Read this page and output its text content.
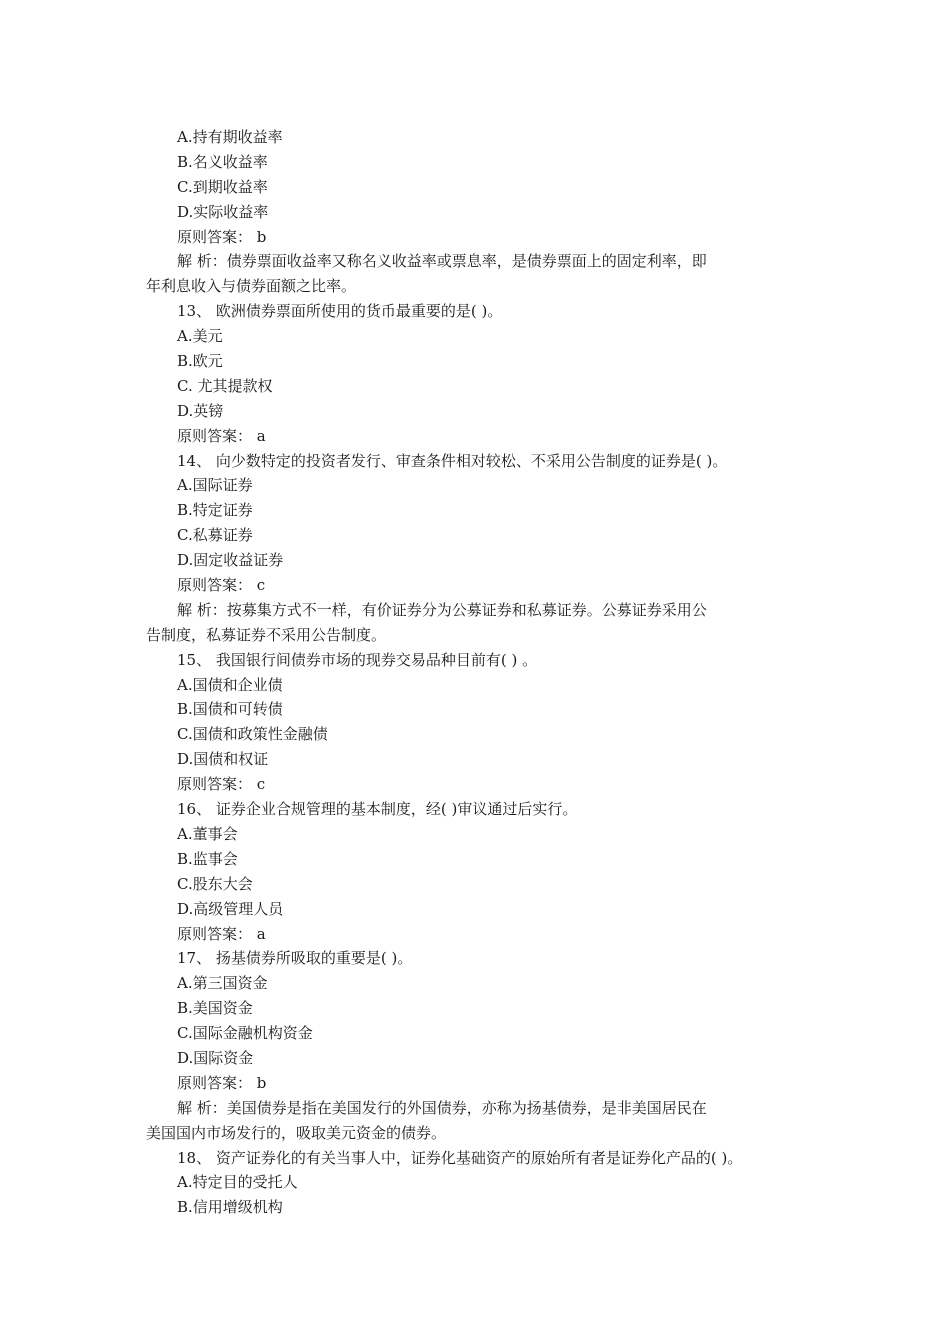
A.持有期收益率
B.名义收益率
C.到期收益率
D.实际收益率
原则答案： b
解 析：债券票面收益率又称名义收益率或票息率，是债券票面上的固定利率，即
年利息收入与债券面额之比率。
13、 欧洲债券票面所使用的货币最重要的是( )。
A.美元
B.欧元
C. 尤其提款权
D.英镑
原则答案： a
14、 向少数特定的投资者发行、审查条件相对较松、不采用公告制度的证券是( )。
A.国际证券
B.特定证券
C.私募证券
D.固定收益证券
原则答案： c
解 析：按募集方式不一样，有价证券分为公募证券和私募证券。公募证券采用公
告制度，私募证券不采用公告制度。
15、 我国银行间债券市场的现券交易品种目前有( ) 。
A.国债和企业债
B.国债和可转债
C.国债和政策性金融债
D.国债和权证
原则答案： c
16、 证券企业合规管理的基本制度，经( )审议通过后实行。
A.董事会
B.监事会
C.股东大会
D.高级管理人员
原则答案： a
17、 扬基债券所吸取的重要是( )。
A.第三国资金
B.美国资金
C.国际金融机构资金
D.国际资金
原则答案： b
解 析：美国债券是指在美国发行的外国债券，亦称为扬基债券，是非美国居民在
美国国内市场发行的，吸取美元资金的债券。
18、 资产证券化的有关当事人中，证券化基础资产的原始所有者是证券化产品的( )。
A.特定目的受托人
B.信用增级机构
